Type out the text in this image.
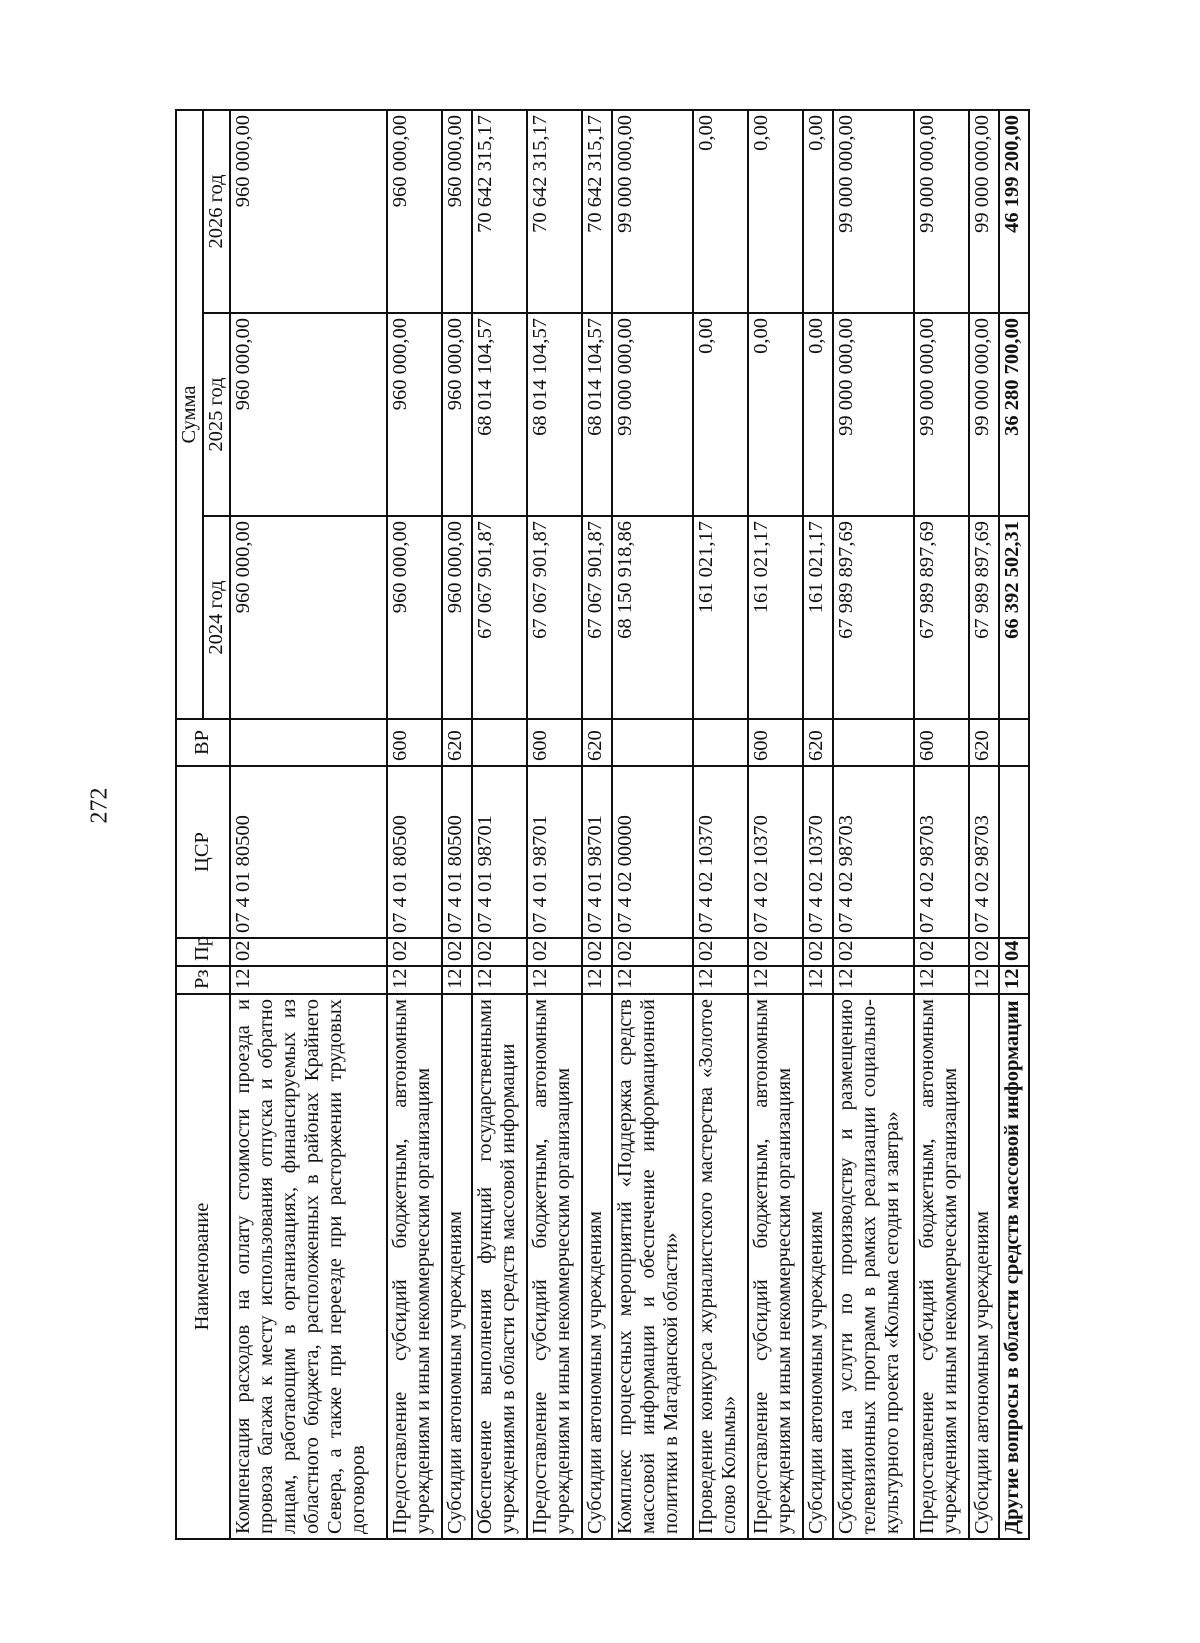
272
Наименование	Рз	Пр	ЦСР	ВР	Сумма		
					2024 год	2025 год	2026 год
Компенсация расходов на оплату стоимости проезда и провоза багажа к месту использования отпуска и обратно лицам, работающим в организациях, финансируемых из областного бюджета, расположенных в районах Крайнего Севера, а также при переезде при расторжении трудовых договоров	12	02	07 4 01 80500		960 000,00	960 000,00	960 000,00
Предоставление субсидий бюджетным, автономным учреждениям и иным некоммерческим организациям	12	02	07 4 01 80500	600	960 000,00	960 000,00	960 000,00
Субсидии автономным учреждениям	12	02	07 4 01 80500	620	960 000,00	960 000,00	960 000,00
Обеспечение выполнения функций государственными учреждениями в области средств массовой информации	12	02	07 4 01 98701		67 067 901,87	68 014 104,57	70 642 315,17
Предоставление субсидий бюджетным, автономным учреждениям и иным некоммерческим организациям	12	02	07 4 01 98701	600	67 067 901,87	68 014 104,57	70 642 315,17
Субсидии автономным учреждениям	12	02	07 4 01 98701	620	67 067 901,87	68 014 104,57	70 642 315,17
Комплекс процессных мероприятий «Поддержка средств массовой информации и обеспечение информационной политики в Магаданской области»	12	02	07 4 02 00000		68 150 918,86	99 000 000,00	99 000 000,00
Проведение конкурса журналистского мастерства «Золотое слово Колымы»	12	02	07 4 02 10370		161 021,17	0,00	0,00
Предоставление субсидий бюджетным, автономным учреждениям и иным некоммерческим организациям	12	02	07 4 02 10370	600	161 021,17	0,00	0,00
Субсидии автономным учреждениям	12	02	07 4 02 10370	620	161 021,17	0,00	0,00
Субсидии на услуги по производству и размещению телевизионных программ в рамках реализации социально-культурного проекта «Колыма сегодня и завтра»	12	02	07 4 02 98703		67 989 897,69	99 000 000,00	99 000 000,00
Предоставление субсидий бюджетным, автономным учреждениям и иным некоммерческим организациям	12	02	07 4 02 98703	600	67 989 897,69	99 000 000,00	99 000 000,00
Субсидии автономным учреждениям	12	02	07 4 02 98703	620	67 989 897,69	99 000 000,00	99 000 000,00
Другие вопросы в области средств массовой информации	12	04			66 392 502,31	36 280 700,00	46 199 200,00
